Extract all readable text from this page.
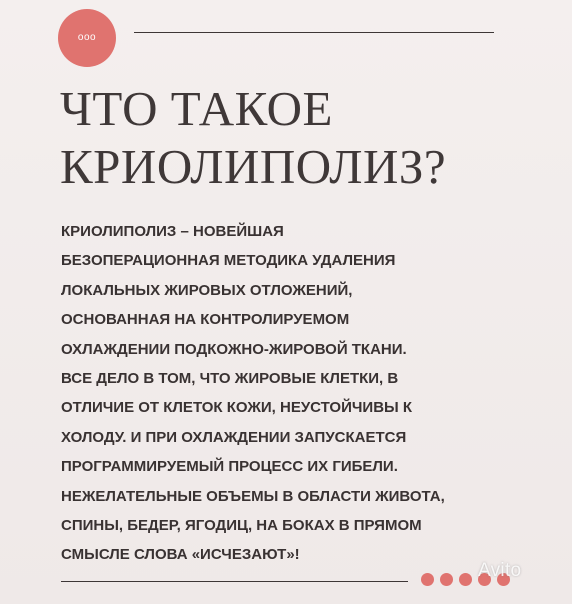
ооо
ЧТО ТАКОЕ
КРИОЛИПОЛИЗ?
КРИОЛИПОЛИЗ – НОВЕЙШАЯ
БЕЗОПЕРАЦИОННАЯ МЕТОДИКА УДАЛЕНИЯ
ЛОКАЛЬНЫХ ЖИРОВЫХ ОТЛОЖЕНИЙ,
ОСНОВАННАЯ НА КОНТРОЛИРУЕМОМ
ОХЛАЖДЕНИИ ПОДКОЖНО-ЖИРОВОЙ ТКАНИ.
ВСЕ ДЕЛО В ТОМ, ЧТО ЖИРОВЫЕ КЛЕТКИ, В
ОТЛИЧИЕ ОТ КЛЕТОК КОЖИ, НЕУСТОЙЧИВЫ К
ХОЛОДУ. И ПРИ ОХЛАЖДЕНИИ ЗАПУСКАЕТСЯ
ПРОГРАММИРУЕМЫЙ ПРОЦЕСС ИХ ГИБЕЛИ.
НЕЖЕЛАТЕЛЬНЫЕ ОБЪЕМЫ В ОБЛАСТИ ЖИВОТА,
СПИНЫ, БЕДЕР, ЯГОДИЦ, НА БОКАХ В ПРЯМОМ
СМЫСЛЕ СЛОВА «ИСЧЕЗАЮТ»!
Avito
